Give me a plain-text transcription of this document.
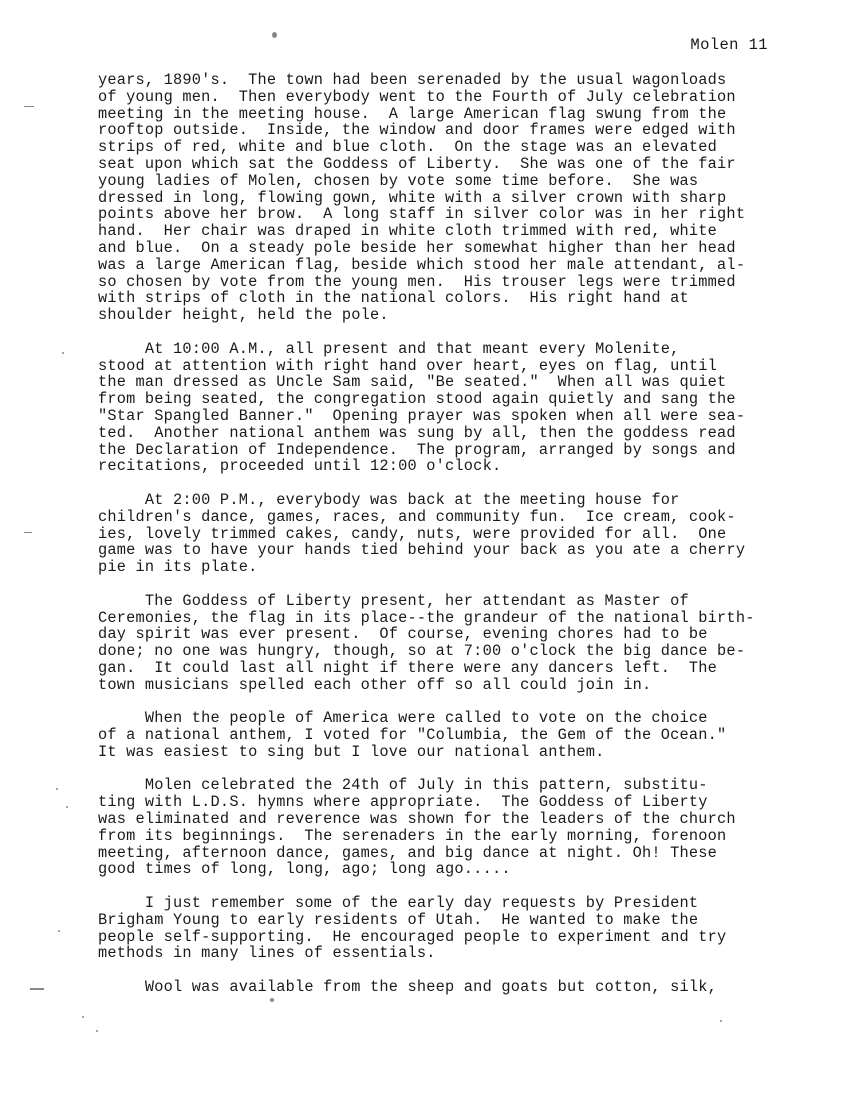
Molen 11
years, 1890's.  The town had been serenaded by the usual wagonloads
of young men.  Then everybody went to the Fourth of July celebration
meeting in the meeting house.  A large American flag swung from the
rooftop outside.  Inside, the window and door frames were edged with
strips of red, white and blue cloth.  On the stage was an elevated
seat upon which sat the Goddess of Liberty.  She was one of the fair
young ladies of Molen, chosen by vote some time before.  She was
dressed in long, flowing gown, white with a silver crown with sharp
points above her brow.  A long staff in silver color was in her right
hand.  Her chair was draped in white cloth trimmed with red, white
and blue.  On a steady pole beside her somewhat higher than her head
was a large American flag, beside which stood her male attendant, al-
so chosen by vote from the young men.  His trouser legs were trimmed
with strips of cloth in the national colors.  His right hand at
shoulder height, held the pole.
At 10:00 A.M., all present and that meant every Molenite,
stood at attention with right hand over heart, eyes on flag, until
the man dressed as Uncle Sam said, "Be seated."  When all was quiet
from being seated, the congregation stood again quietly and sang the
"Star Spangled Banner."  Opening prayer was spoken when all were sea-
ted.  Another national anthem was sung by all, then the goddess read
the Declaration of Independence.  The program, arranged by songs and
recitations, proceeded until 12:00 o'clock.
At 2:00 P.M., everybody was back at the meeting house for
children's dance, games, races, and community fun.  Ice cream, cook-
ies, lovely trimmed cakes, candy, nuts, were provided for all.  One
game was to have your hands tied behind your back as you ate a cherry
pie in its plate.
The Goddess of Liberty present, her attendant as Master of
Ceremonies, the flag in its place--the grandeur of the national birth-
day spirit was ever present.  Of course, evening chores had to be
done; no one was hungry, though, so at 7:00 o'clock the big dance be-
gan.  It could last all night if there were any dancers left.  The
town musicians spelled each other off so all could join in.
When the people of America were called to vote on the choice
of a national anthem, I voted for "Columbia, the Gem of the Ocean."
It was easiest to sing but I love our national anthem.
Molen celebrated the 24th of July in this pattern, substitu-
ting with L.D.S. hymns where appropriate.  The Goddess of Liberty
was eliminated and reverence was shown for the leaders of the church
from its beginnings.  The serenaders in the early morning, forenoon
meeting, afternoon dance, games, and big dance at night. Oh! These
good times of long, long, ago; long ago.....
I just remember some of the early day requests by President
Brigham Young to early residents of Utah.  He wanted to make the
people self-supporting.  He encouraged people to experiment and try
methods in many lines of essentials.
Wool was available from the sheep and goats but cotton, silk,
